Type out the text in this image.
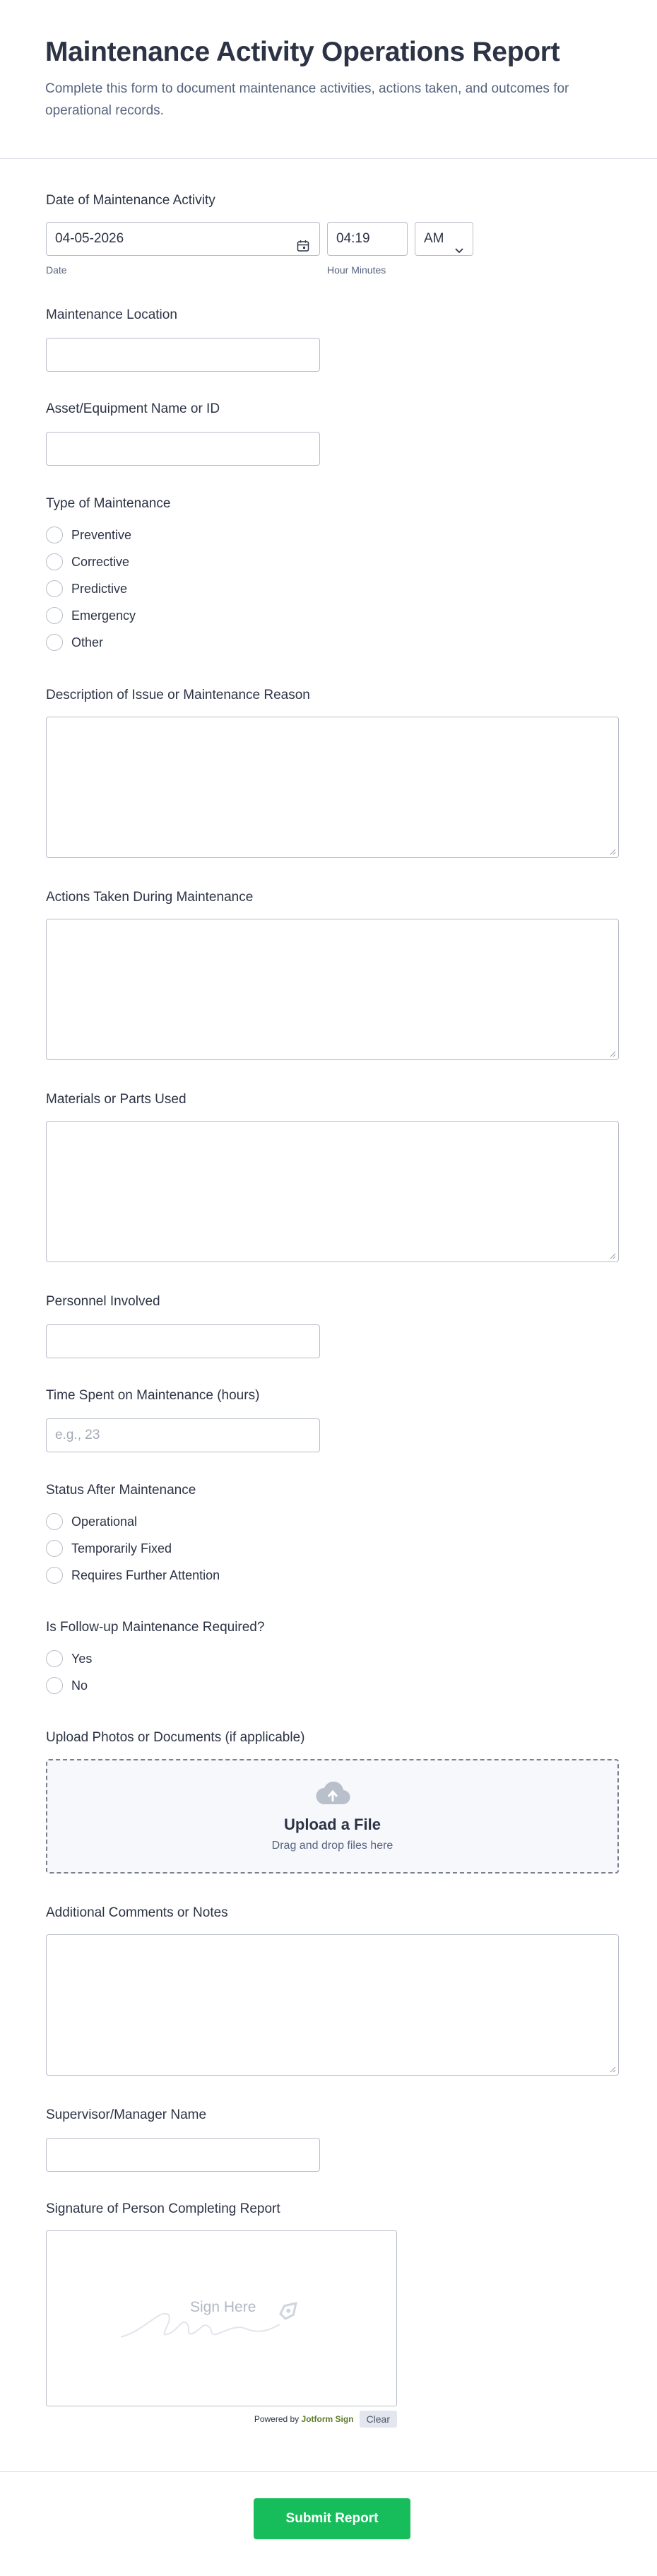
Maintenance Activity Operations Report

Complete this form to document maintenance activities, actions taken, and outcomes for operational records.

Date of Maintenance Activity
04-05-2026
Date
04:19
Hour Minutes
AM
Maintenance Location
Asset/Equipment Name or ID
Type of Maintenance
Preventive
Corrective
Predictive
Emergency
Other
Description of Issue or Maintenance Reason
Actions Taken During Maintenance
Materials or Parts Used
Personnel Involved
Time Spent on Maintenance (hours)
e.g., 23
Status After Maintenance
Operational
Temporarily Fixed
Requires Further Attention
Is Follow-up Maintenance Required?
Yes
No
Upload Photos or Documents (if applicable)
Upload a File
Drag and drop files here
Additional Comments or Notes
Supervisor/Manager Name
Signature of Person Completing Report
Sign Here
Powered by Jotform Sign	Clear
Submit Report
